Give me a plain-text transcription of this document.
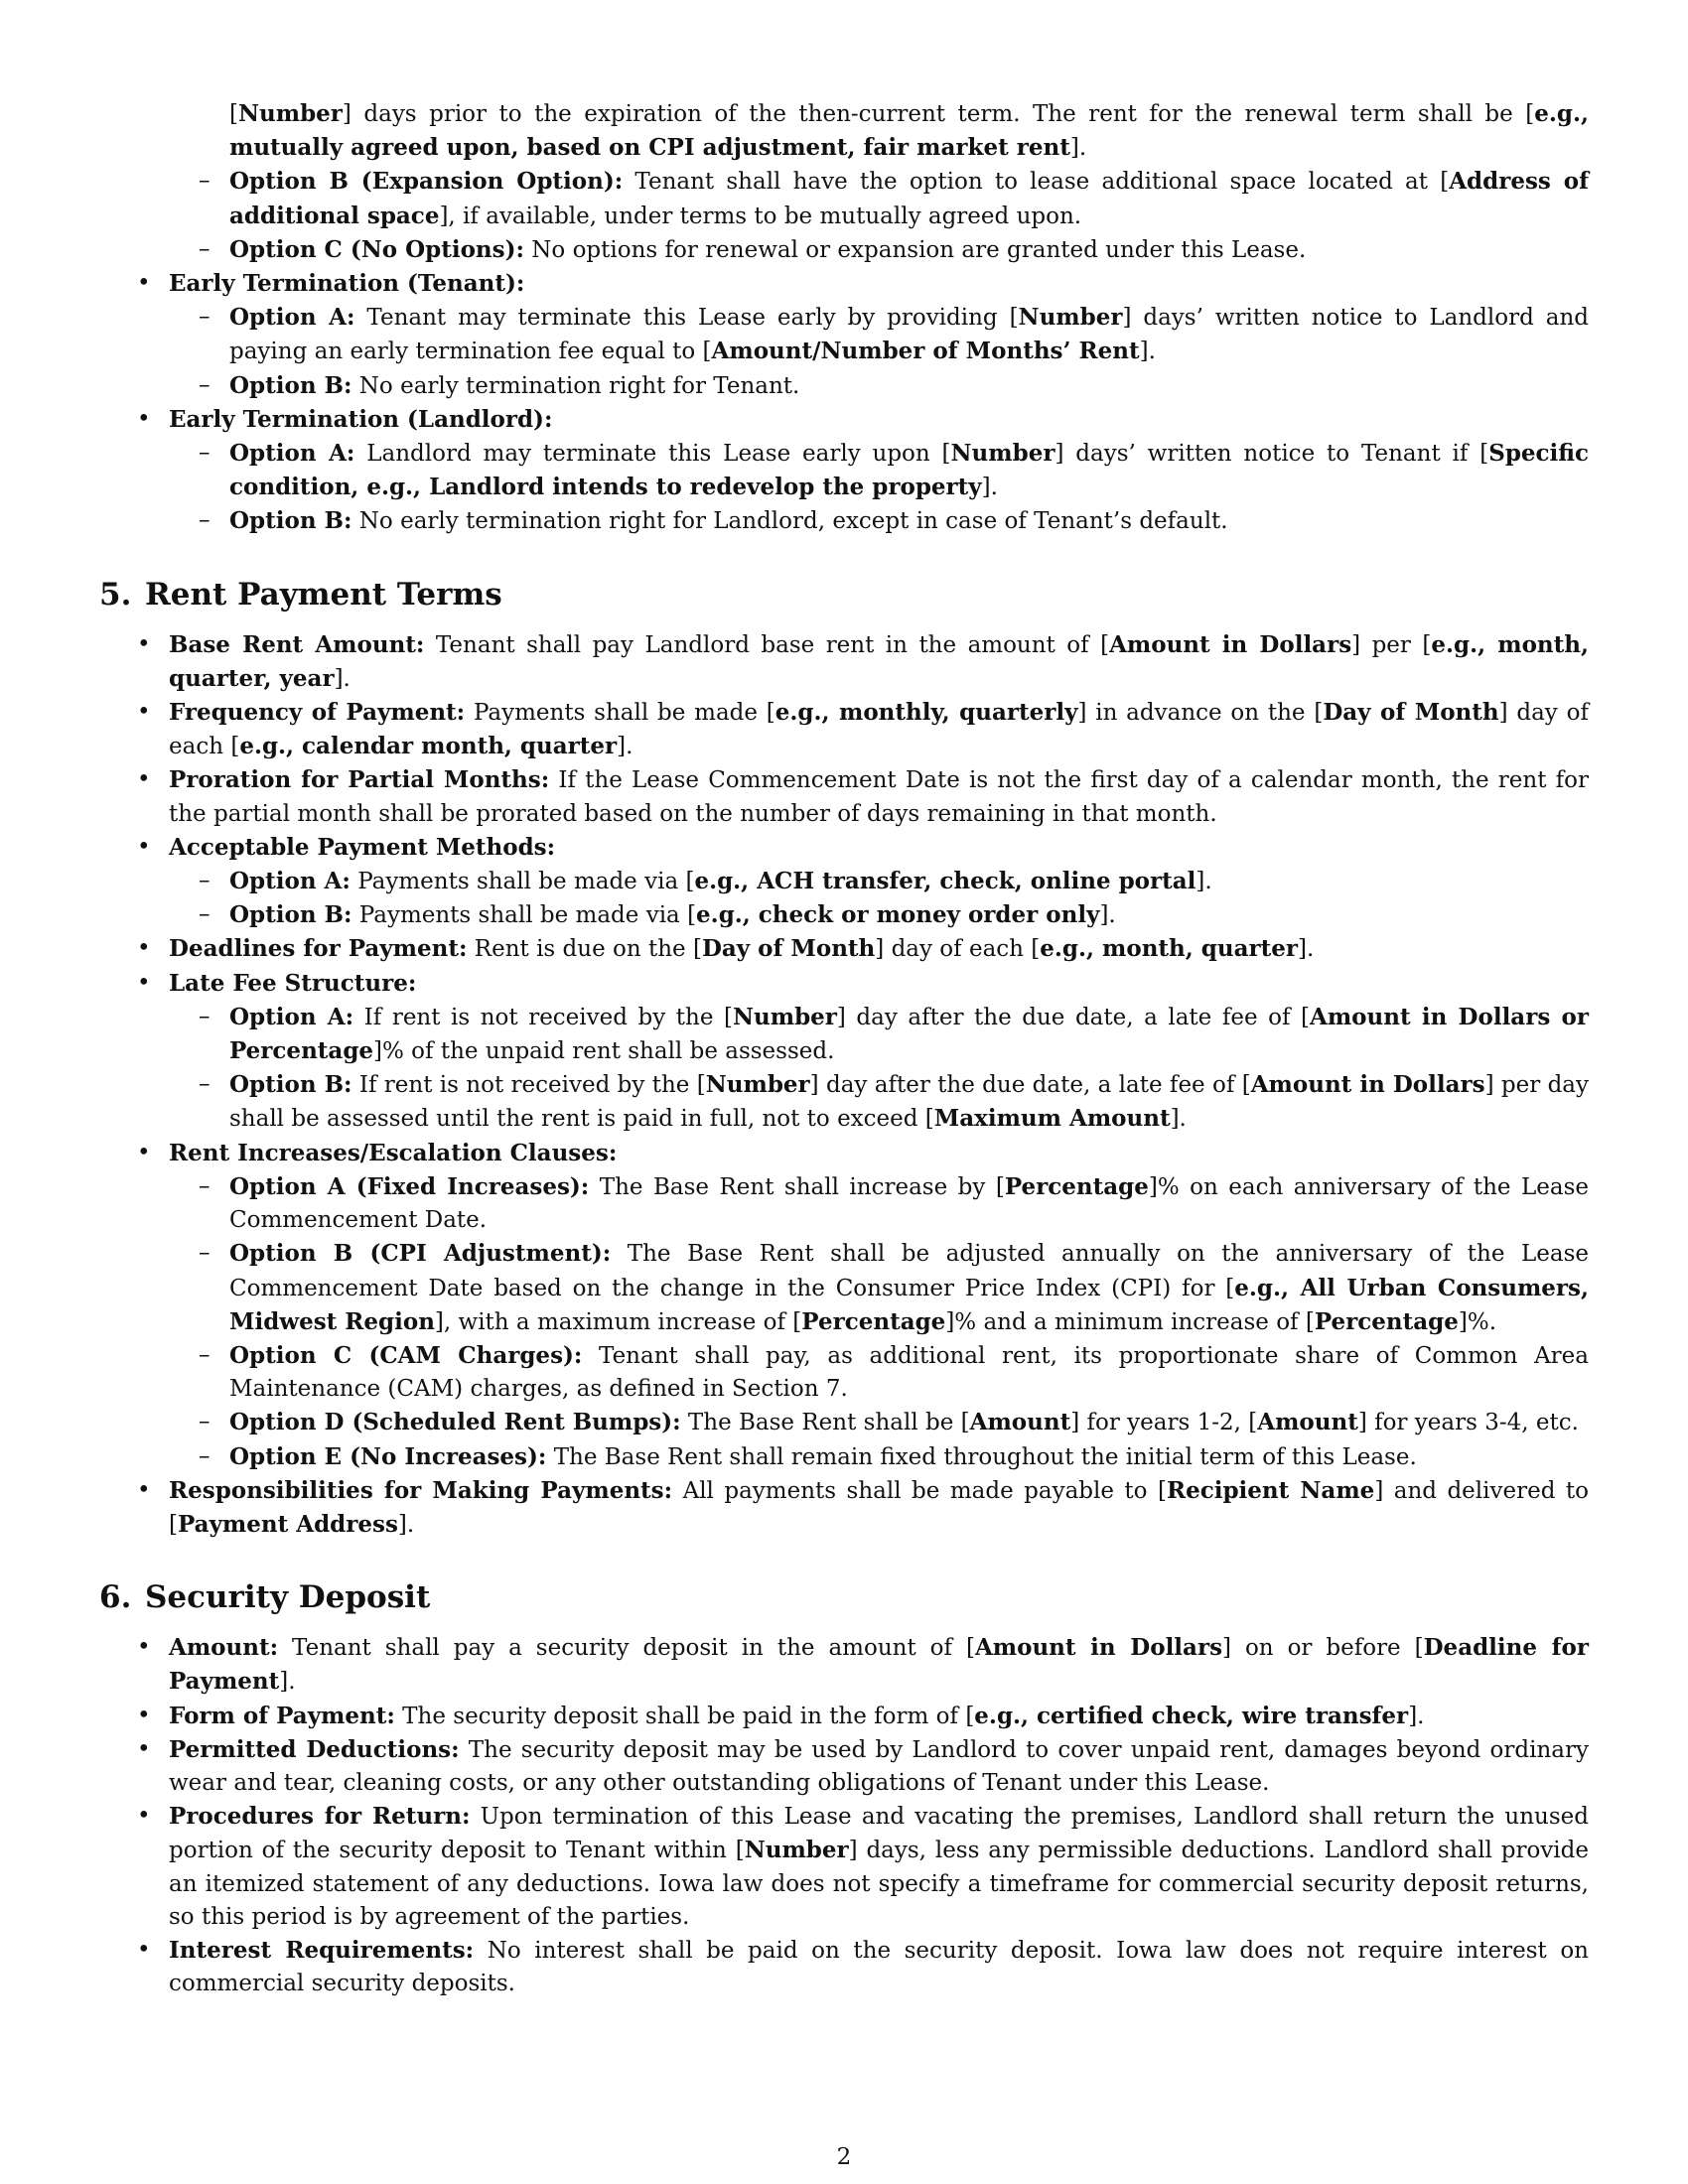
[Number] days prior to the expiration of the then-current term. The rent for the renewal term shall be [e.g., mutually agreed upon, based on CPI adjustment, fair market rent].
– Option B (Expansion Option): Tenant shall have the option to lease additional space located at [Address of additional space], if available, under terms to be mutually agreed upon.
– Option C (No Options): No options for renewal or expansion are granted under this Lease.
• Early Termination (Tenant):
– Option A: Tenant may terminate this Lease early by providing [Number] days’ written notice to Landlord and paying an early termination fee equal to [Amount/Number of Months’ Rent].
– Option B: No early termination right for Tenant.
• Early Termination (Landlord):
– Option A: Landlord may terminate this Lease early upon [Number] days’ written notice to Tenant if [Specific condition, e.g., Landlord intends to redevelop the property].
– Option B: No early termination right for Landlord, except in case of Tenant’s default.
5. Rent Payment Terms
• Base Rent Amount: Tenant shall pay Landlord base rent in the amount of [Amount in Dollars] per [e.g., month, quarter, year].
• Frequency of Payment: Payments shall be made [e.g., monthly, quarterly] in advance on the [Day of Month] day of each [e.g., calendar month, quarter].
• Proration for Partial Months: If the Lease Commencement Date is not the first day of a calendar month, the rent for the partial month shall be prorated based on the number of days remaining in that month.
• Acceptable Payment Methods:
– Option A: Payments shall be made via [e.g., ACH transfer, check, online portal].
– Option B: Payments shall be made via [e.g., check or money order only].
• Deadlines for Payment: Rent is due on the [Day of Month] day of each [e.g., month, quarter].
• Late Fee Structure:
– Option A: If rent is not received by the [Number] day after the due date, a late fee of [Amount in Dollars or Percentage]% of the unpaid rent shall be assessed.
– Option B: If rent is not received by the [Number] day after the due date, a late fee of [Amount in Dollars] per day shall be assessed until the rent is paid in full, not to exceed [Maximum Amount].
• Rent Increases/Escalation Clauses:
– Option A (Fixed Increases): The Base Rent shall increase by [Percentage]% on each anniversary of the Lease Commencement Date.
– Option B (CPI Adjustment): The Base Rent shall be adjusted annually on the anniversary of the Lease Commencement Date based on the change in the Consumer Price Index (CPI) for [e.g., All Urban Consumers, Midwest Region], with a maximum increase of [Percentage]% and a minimum increase of [Percentage]%.
– Option C (CAM Charges): Tenant shall pay, as additional rent, its proportionate share of Common Area Maintenance (CAM) charges, as defined in Section 7.
– Option D (Scheduled Rent Bumps): The Base Rent shall be [Amount] for years 1-2, [Amount] for years 3-4, etc.
– Option E (No Increases): The Base Rent shall remain fixed throughout the initial term of this Lease.
• Responsibilities for Making Payments: All payments shall be made payable to [Recipient Name] and delivered to [Payment Address].
6. Security Deposit
• Amount: Tenant shall pay a security deposit in the amount of [Amount in Dollars] on or before [Deadline for Payment].
• Form of Payment: The security deposit shall be paid in the form of [e.g., certified check, wire transfer].
• Permitted Deductions: The security deposit may be used by Landlord to cover unpaid rent, damages beyond ordinary wear and tear, cleaning costs, or any other outstanding obligations of Tenant under this Lease.
• Procedures for Return: Upon termination of this Lease and vacating the premises, Landlord shall return the unused portion of the security deposit to Tenant within [Number] days, less any permissible deductions. Landlord shall provide an itemized statement of any deductions. Iowa law does not specify a timeframe for commercial security deposit returns, so this period is by agreement of the parties.
• Interest Requirements: No interest shall be paid on the security deposit. Iowa law does not require interest on commercial security deposits.
2
